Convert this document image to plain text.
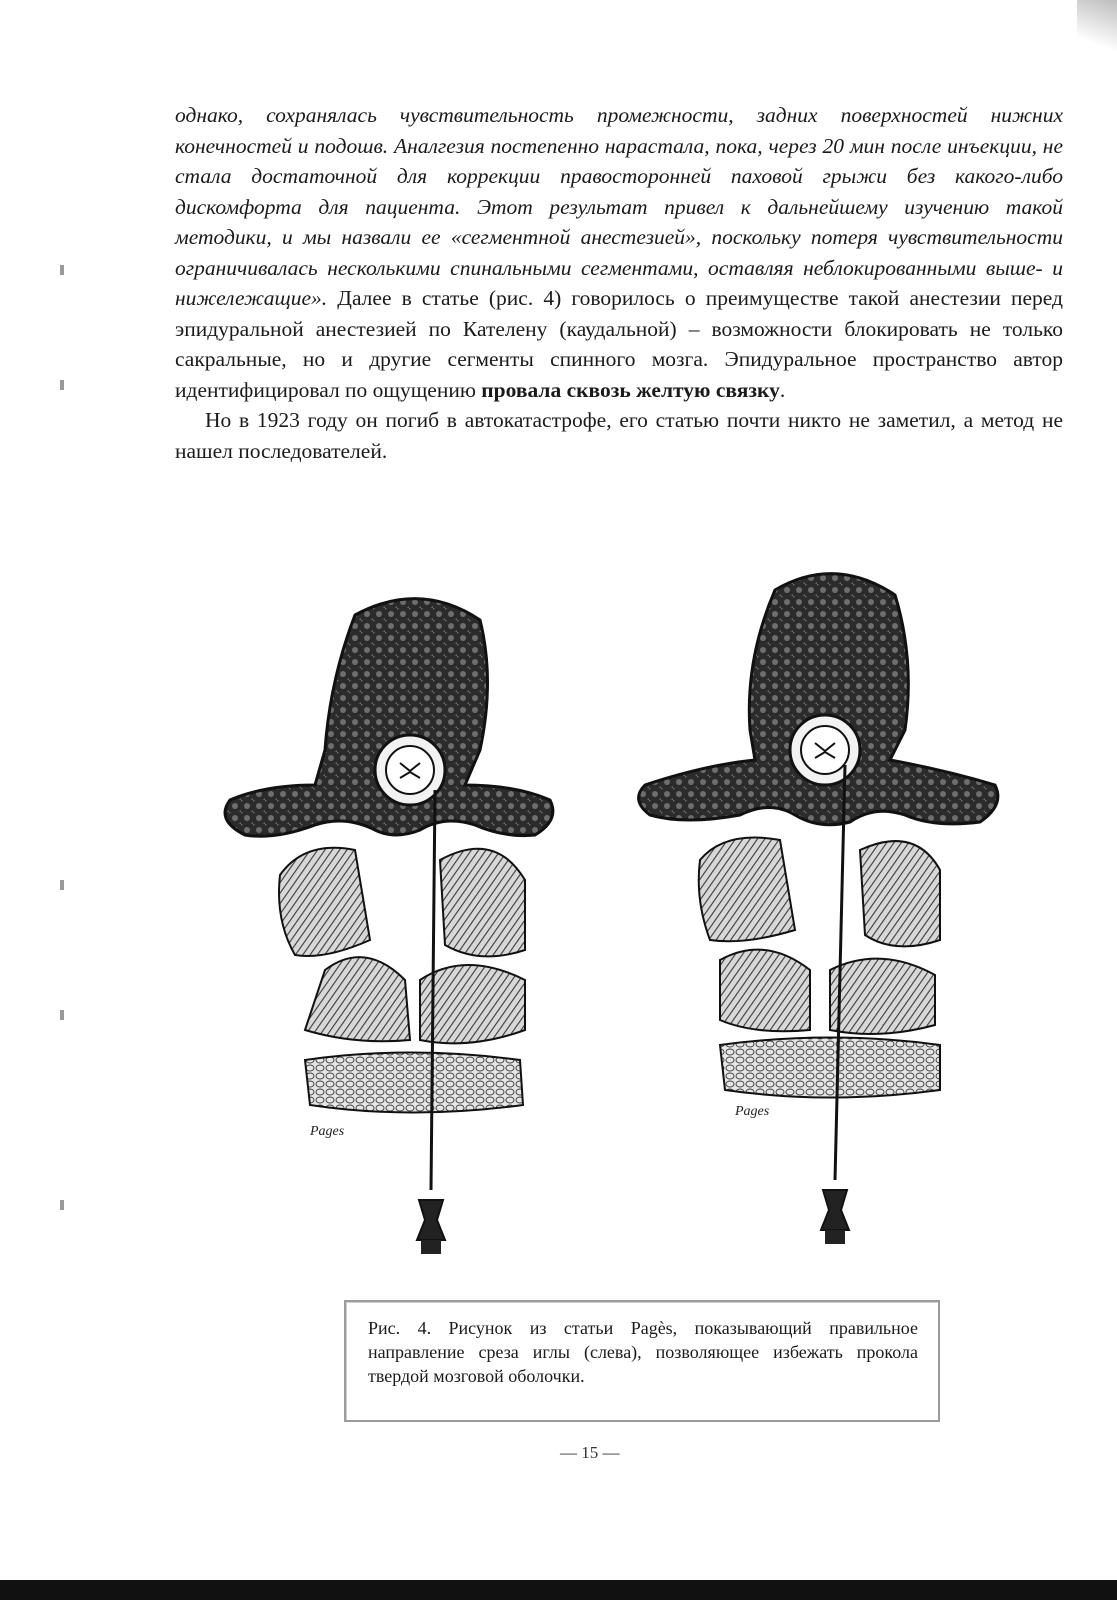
однако, сохранялась чувствительность промежности, задних поверхностей нижних конечностей и подошв. Аналгезия постепенно нарастала, пока, через 20 мин после инъекции, не стала достаточной для коррекции правосторонней паховой грыжи без какого-либо дискомфорта для пациента. Этот результат привел к дальнейшему изучению такой методики, и мы назвали ее «сегментной анестезией», поскольку потеря чувствительности ограничивалась несколькими спинальными сегментами, оставляя неблокированными выше- и нижележащие». Далее в статье (рис. 4) говорилось о преимуществе такой анестезии перед эпидуральной анестезией по Кателену (каудальной) – возможности блокировать не только сакральные, но и другие сегменты спинного мозга. Эпидуральное пространство автор идентифицировал по ощущению провала сквозь желтую связку.

Но в 1923 году он погиб в автокатастрофе, его статью почти никто не заметил, а метод не нашел последователей.

Pages
Pages
Рис. 4. Рисунок из статьи Pagès, показывающий правильное направление среза иглы (слева), позволяющее избежать прокола твердой мозговой оболочки.
— 15 —
